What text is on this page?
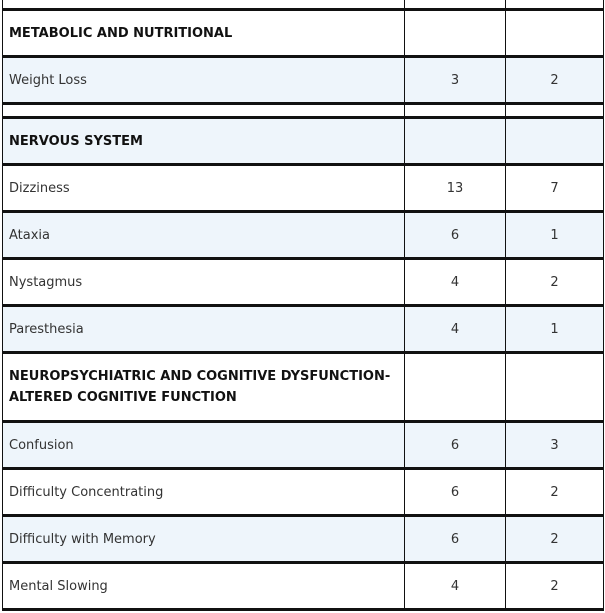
METABOLIC AND NUTRITIONAL
Weight Loss	3	2
NERVOUS SYSTEM
Dizziness	13	7
Ataxia	6	1
Nystagmus	4	2
Paresthesia	4	1
NEUROPSYCHIATRIC AND COGNITIVE DYSFUNCTION-ALTERED COGNITIVE FUNCTION
Confusion	6	3
Difficulty Concentrating	6	2
Difficulty with Memory	6	2
Mental Slowing	4	2
